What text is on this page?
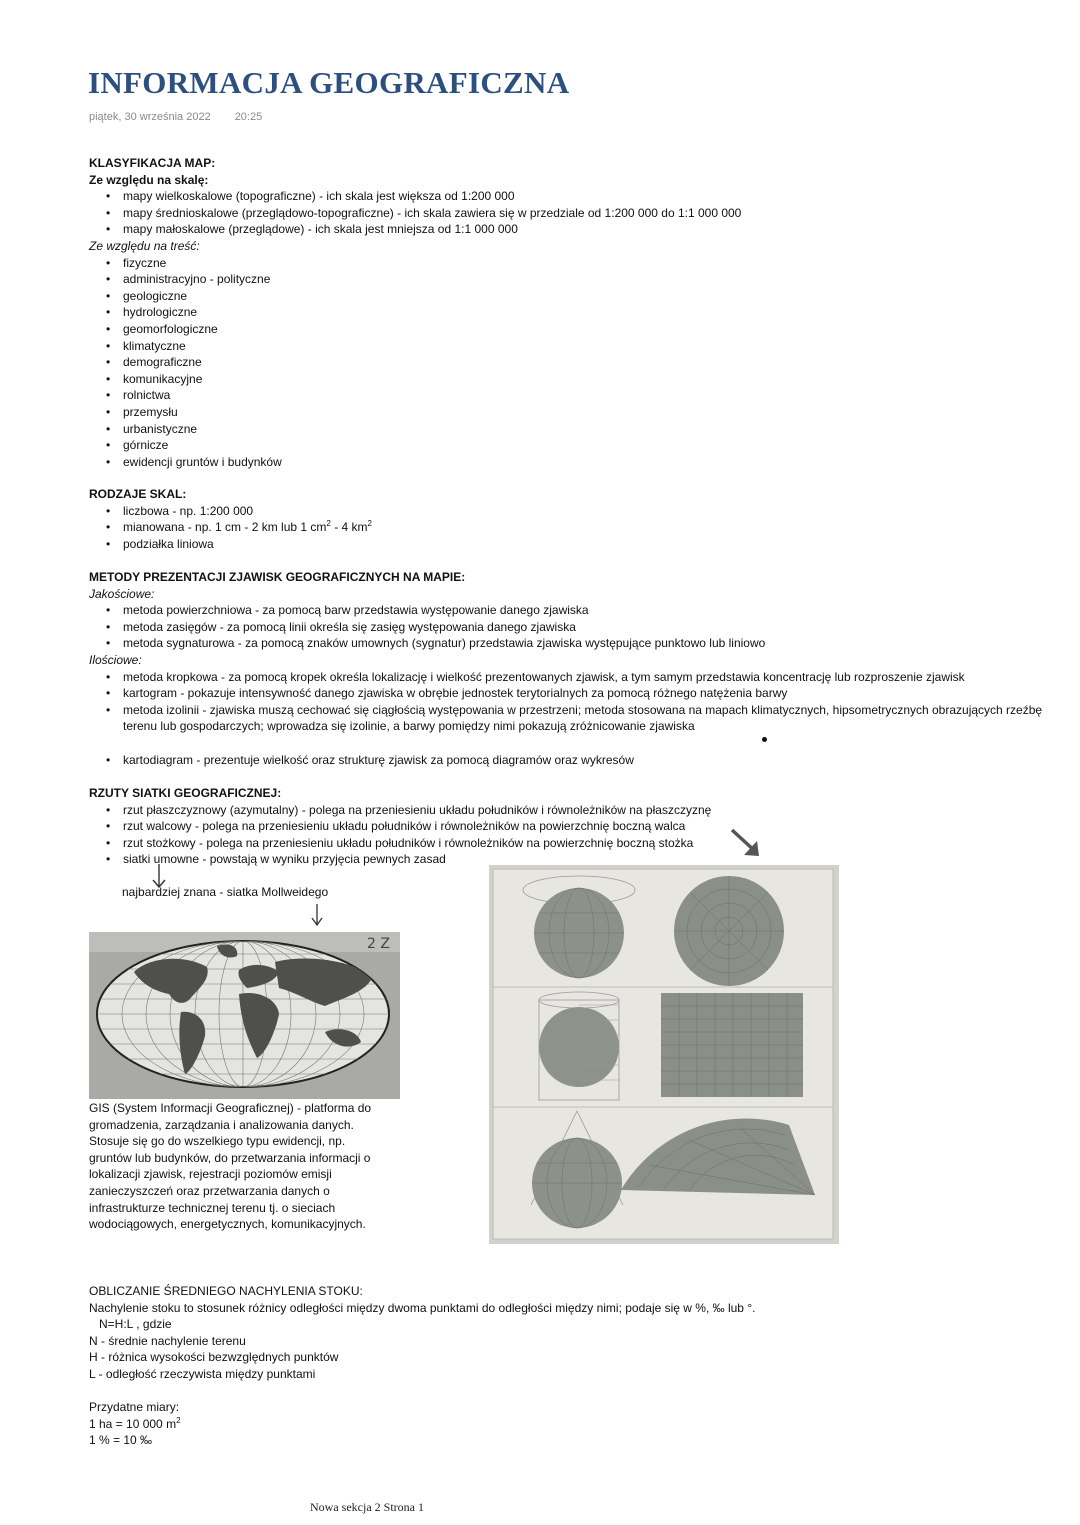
INFORMACJA GEOGRAFICZNA
piątek, 30 września 2022 20:25
KLASYFIKACJA MAP:
Ze względu na skalę:
• mapy wielkoskalowe (topograficzne) - ich skala jest większa od 1:200 000
• mapy średnioskalowe (przeglądowo-topograficzne) - ich skala zawiera się w przedziale od 1:200 000 do 1:1 000 000
• mapy małoskalowe (przeglądowe) - ich skala jest mniejsza od 1:1 000 000
Ze względu na treść:
• fizyczne
• administracyjno - polityczne
• geologiczne
• hydrologiczne
• geomorfologiczne
• klimatyczne
• demograficzne
• komunikacyjne
• rolnictwa
• przemysłu
• urbanistyczne
• górnicze
• ewidencji gruntów i budynków
RODZAJE SKAL:
• liczbowa - np. 1:200 000
• mianowana - np. 1 cm - 2 km lub 1 $cm^2 - 4$ $km^2$
• podziałka liniowa
METODY PREZENTACJI ZJAWISK GEOGRAFICZNYCH NA MAPIE:
Jakościowe:
• metoda powierzchniowa - za pomocą barw przedstawia występowanie danego zjawiska
• metoda zasięgów - za pomocą linii określa się zasięg występowania danego zjawiska
• metoda sygnaturowa - za pomocą znaków umownych (sygnatur) przedstawia zjawiska występujące punktowo lub liniowo
Ilościowe:
• metoda kropkowa - za pomocą kropek określa lokalizację i wielkość prezentowanych zjawisk, a tym samym przedstawia koncentrację lub rozproszenie zjawisk
• kartogram - pokazuje intensywność danego zjawiska w obrębie jednostek terytorialnych za pomocą różnego natężenia barwy
• metoda izolinii - zjawiska muszą cechować się ciągłością występowania w przestrzeni; metoda stosowana na mapach klimatycznych, hipsometrycznych obrazujących rzeźbę terenu lub gospodarczych; wprowadza się izolinie, a barwy pomiędzy nimi pokazują zróżnicowanie zjawiska
• kartodiagram - prezentuje wielkość oraz strukturę zjawisk za pomocą diagramów oraz wykresów
RZUTY SIATKI GEOGRAFICZNEJ:
• rzut płaszczyznowy (azymutalny) - polega na przeniesieniu układu południków i równoleżników na płaszczyznę
• rzut walcowy - polega na przeniesieniu układu południków i równoleżników na powierzchnię boczną walca
• rzut stożkowy - polega na przeniesieniu układu południków i równoleżników na powierzchnię boczną stożka
• siatki umowne - powstają w wyniku przyjęcia pewnych zasad
najbardziej znana - siatka Mollweidego
2 Z
GIS (System Informacji Geograficznej) - platforma do gromadzenia, zarządzania i analizowania danych. Stosuje się go do wszelkiego typu ewidencji, np. gruntów lub budynków, do przetwarzania informacji o lokalizacji zjawisk, rejestracji poziomów emisji zanieczyszczeń oraz przetwarzania danych o infrastrukturze technicznej terenu tj. o sieciach wodociągowych, energetycznych, komunikacyjnych.
OBLICZANIE ŚREDNIEGO NACHYLENIA STOKU:
Nachylenie stoku to stosunek różnicy odległości między dwoma punktami do odległości między nimi; podaje się w %, ‰ lub °.
N=H:L , gdzie
N - średnie nachylenie terenu
H - różnica wysokości bezwzględnych punktów
L - odległość rzeczywista między punktami
Przydatne miary:
1 ha = 10 000 $m^2$
1 % = 10 ‰
Nowa sekcja 2 Strona 1
